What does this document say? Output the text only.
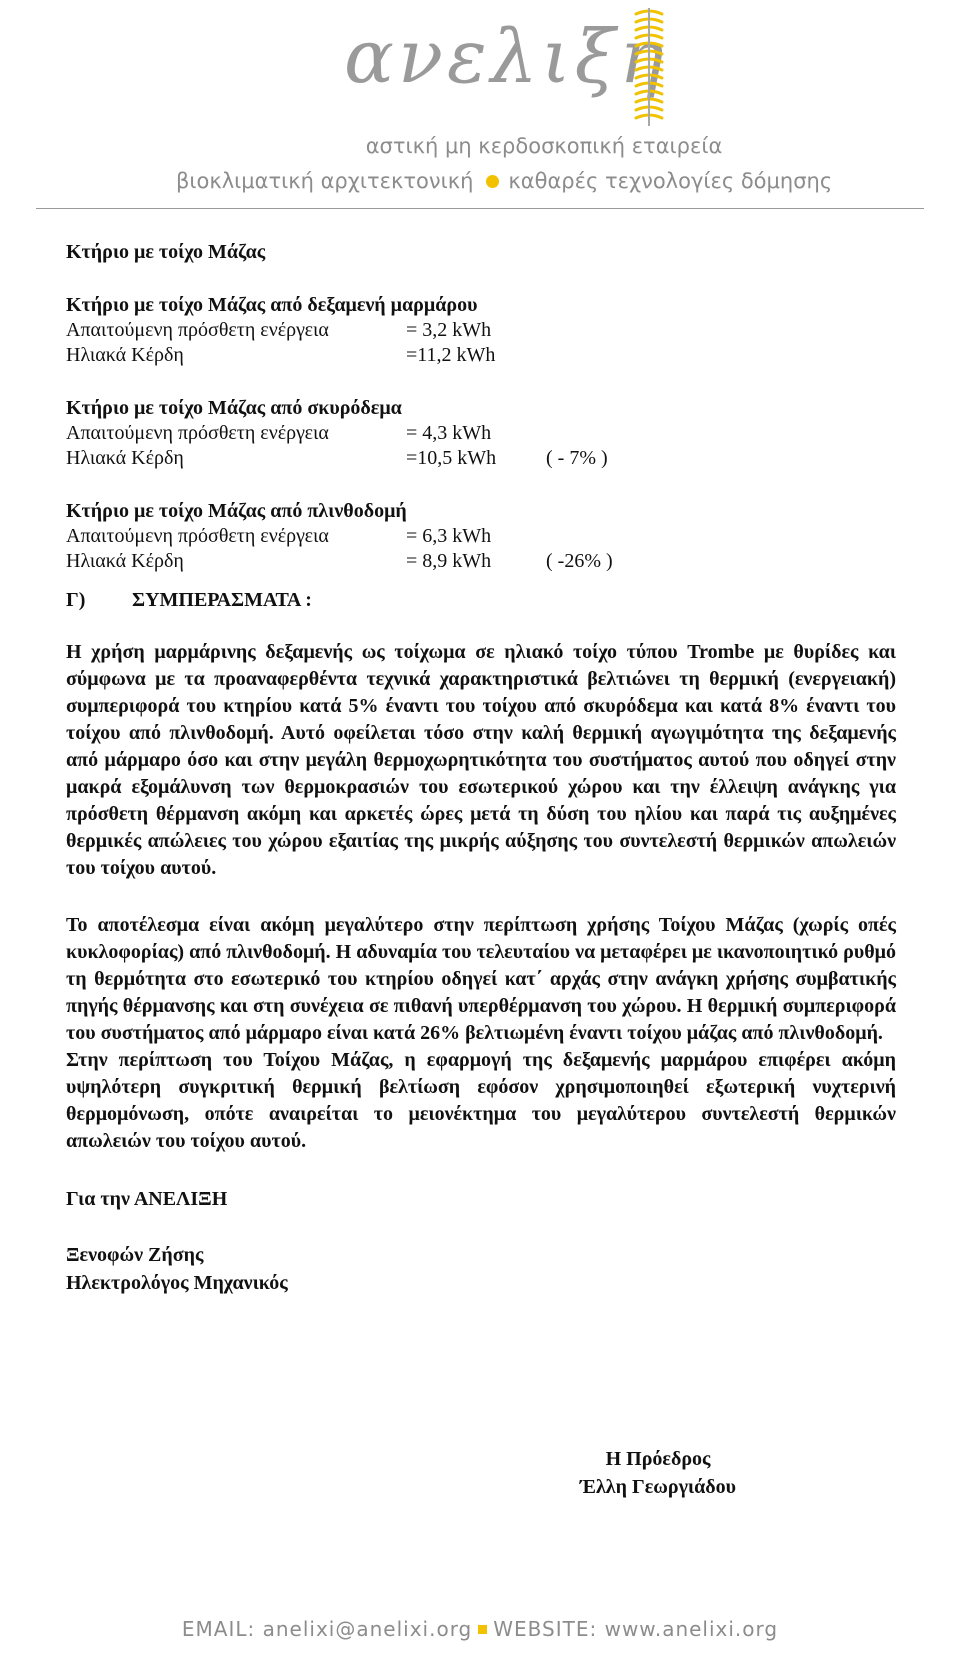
ανελιξη
αστική μη κερδοσκοπική εταιρεία
βιοκλιματική αρχιτεκτονική καθαρές τεχνολογίες δόμησης
Κτήριο με τοίχο Μάζας
Κτήριο με τοίχο Μάζας από δεξαμενή μαρμάρου
Απαιτούμενη πρόσθετη ενέργεια	= 3,2 kWh
Ηλιακά Κέρδη	=11,2 kWh
Κτήριο με τοίχο Μάζας από σκυρόδεμα
Απαιτούμενη πρόσθετη ενέργεια	= 4,3 kWh
Ηλιακά Κέρδη	=10,5 kWh ( - 7% )
Κτήριο με τοίχο Μάζας από πλινθοδομή
Απαιτούμενη πρόσθετη ενέργεια	= 6,3 kWh
Ηλιακά Κέρδη	= 8,9 kWh	( -26% )
Γ) ΣΥΜΠΕΡΑΣΜΑΤΑ :

Η χρήση μαρμάρινης δεξαμενής ως τοίχωμα σε ηλιακό τοίχο τύπου Trombe με θυρίδες και σύμφωνα με τα προαναφερθέντα τεχνικά χαρακτηριστικά βελτιώνει τη θερμική (ενεργειακή) συμπεριφορά του κτηρίου κατά 5% έναντι του τοίχου από σκυρόδεμα και κατά 8% έναντι του τοίχου από πλινθοδομή. Αυτό οφείλεται τόσο στην καλή θερμική αγωγιμότητα της δεξαμενής από μάρμαρο όσο και στην μεγάλη θερμοχωρητικότητα του συστήματος αυτού που οδηγεί στην μακρά εξομάλυνση των θερμοκρασιών του εσωτερικού χώρου και την έλλειψη ανάγκης για πρόσθετη θέρμανση ακόμη και αρκετές ώρες μετά τη δύση του ηλίου και παρά τις αυξημένες θερμικές απώλειες του χώρου εξαιτίας της μικρής αύξησης του συντελεστή θερμικών απωλειών του τοίχου αυτού.

Το αποτέλεσμα είναι ακόμη μεγαλύτερο στην περίπτωση χρήσης Τοίχου Μάζας (χωρίς οπές κυκλοφορίας) από πλινθοδομή. Η αδυναμία του τελευταίου να μεταφέρει με ικανοποιητικό ρυθμό τη θερμότητα στο εσωτερικό του κτηρίου οδηγεί κατ΄ αρχάς στην ανάγκη χρήσης συμβατικής πηγής θέρμανσης και στη συνέχεια σε πιθανή υπερθέρμανση του χώρου. Η θερμική συμπεριφορά του συστήματος από μάρμαρο είναι κατά 26% βελτιωμένη έναντι τοίχου μάζας από πλινθοδομή.

Στην περίπτωση του Τοίχου Μάζας, η εφαρμογή της δεξαμενής μαρμάρου επιφέρει ακόμη υψηλότερη συγκριτική θερμική βελτίωση εφόσον χρησιμοποιηθεί εξωτερική νυχτερινή θερμομόνωση, οπότε αναιρείται το μειονέκτημα του μεγαλύτερου συντελεστή θερμικών απωλειών του τοίχου αυτού.

Για την ΑΝΕΛΙΞΗ
Ξενοφών Ζήσης
Ηλεκτρολόγος Μηχανικός
Η Πρόεδρος
Έλλη Γεωργιάδου
EMAIL: anelixi@anelixi.org WEBSITE: www.anelixi.org
